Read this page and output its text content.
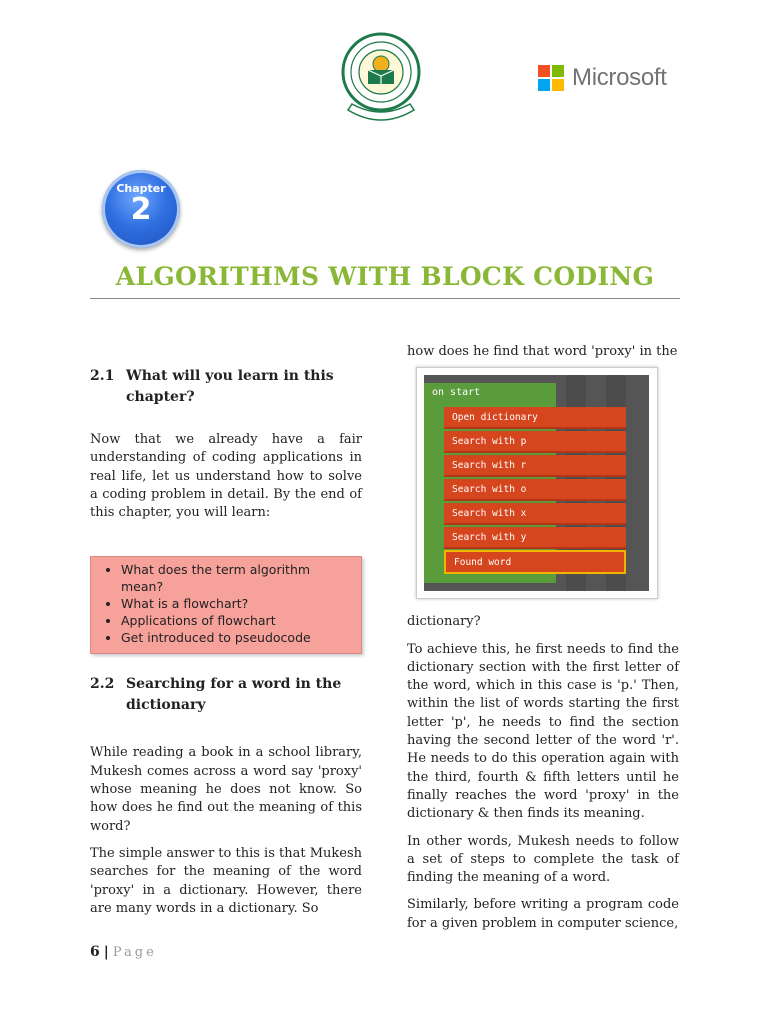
Microsoft
Chapter
2
ALGORITHMS WITH BLOCK CODING
2.1 What will you learn in this chapter?

Now that we already have a fair understanding of coding applications in real life, let us understand how to solve a coding problem in detail. By the end of this chapter, you will learn:

• What does the term algorithm mean?
• What is a flowchart?
• Applications of flowchart
• Get introduced to pseudocode
2.2 Searching for a word in the dictionary

While reading a book in a school library, Mukesh comes across a word say 'proxy' whose meaning he does not know. So how does he find out the meaning of this word?

The simple answer to this is that Mukesh searches for the meaning of the word 'proxy' in a dictionary. However, there are many words in a dictionary. So

how does he find that word 'proxy' in the

dictionary?

To achieve this, he first needs to find the dictionary section with the first letter of the word, which in this case is 'p.' Then, within the list of words starting the first letter 'p', he needs to find the section having the second letter of the word 'r'. He needs to do this operation again with the third, fourth & fifth letters until he finally reaches the word 'proxy' in the dictionary & then finds its meaning.

In other words, Mukesh needs to follow a set of steps to complete the task of finding the meaning of a word.

Similarly, before writing a program code for a given problem in computer science,

on start
Open dictionary
Search with p
Search with r
Search with o
Search with x
Search with y
Found word
6 | Page
